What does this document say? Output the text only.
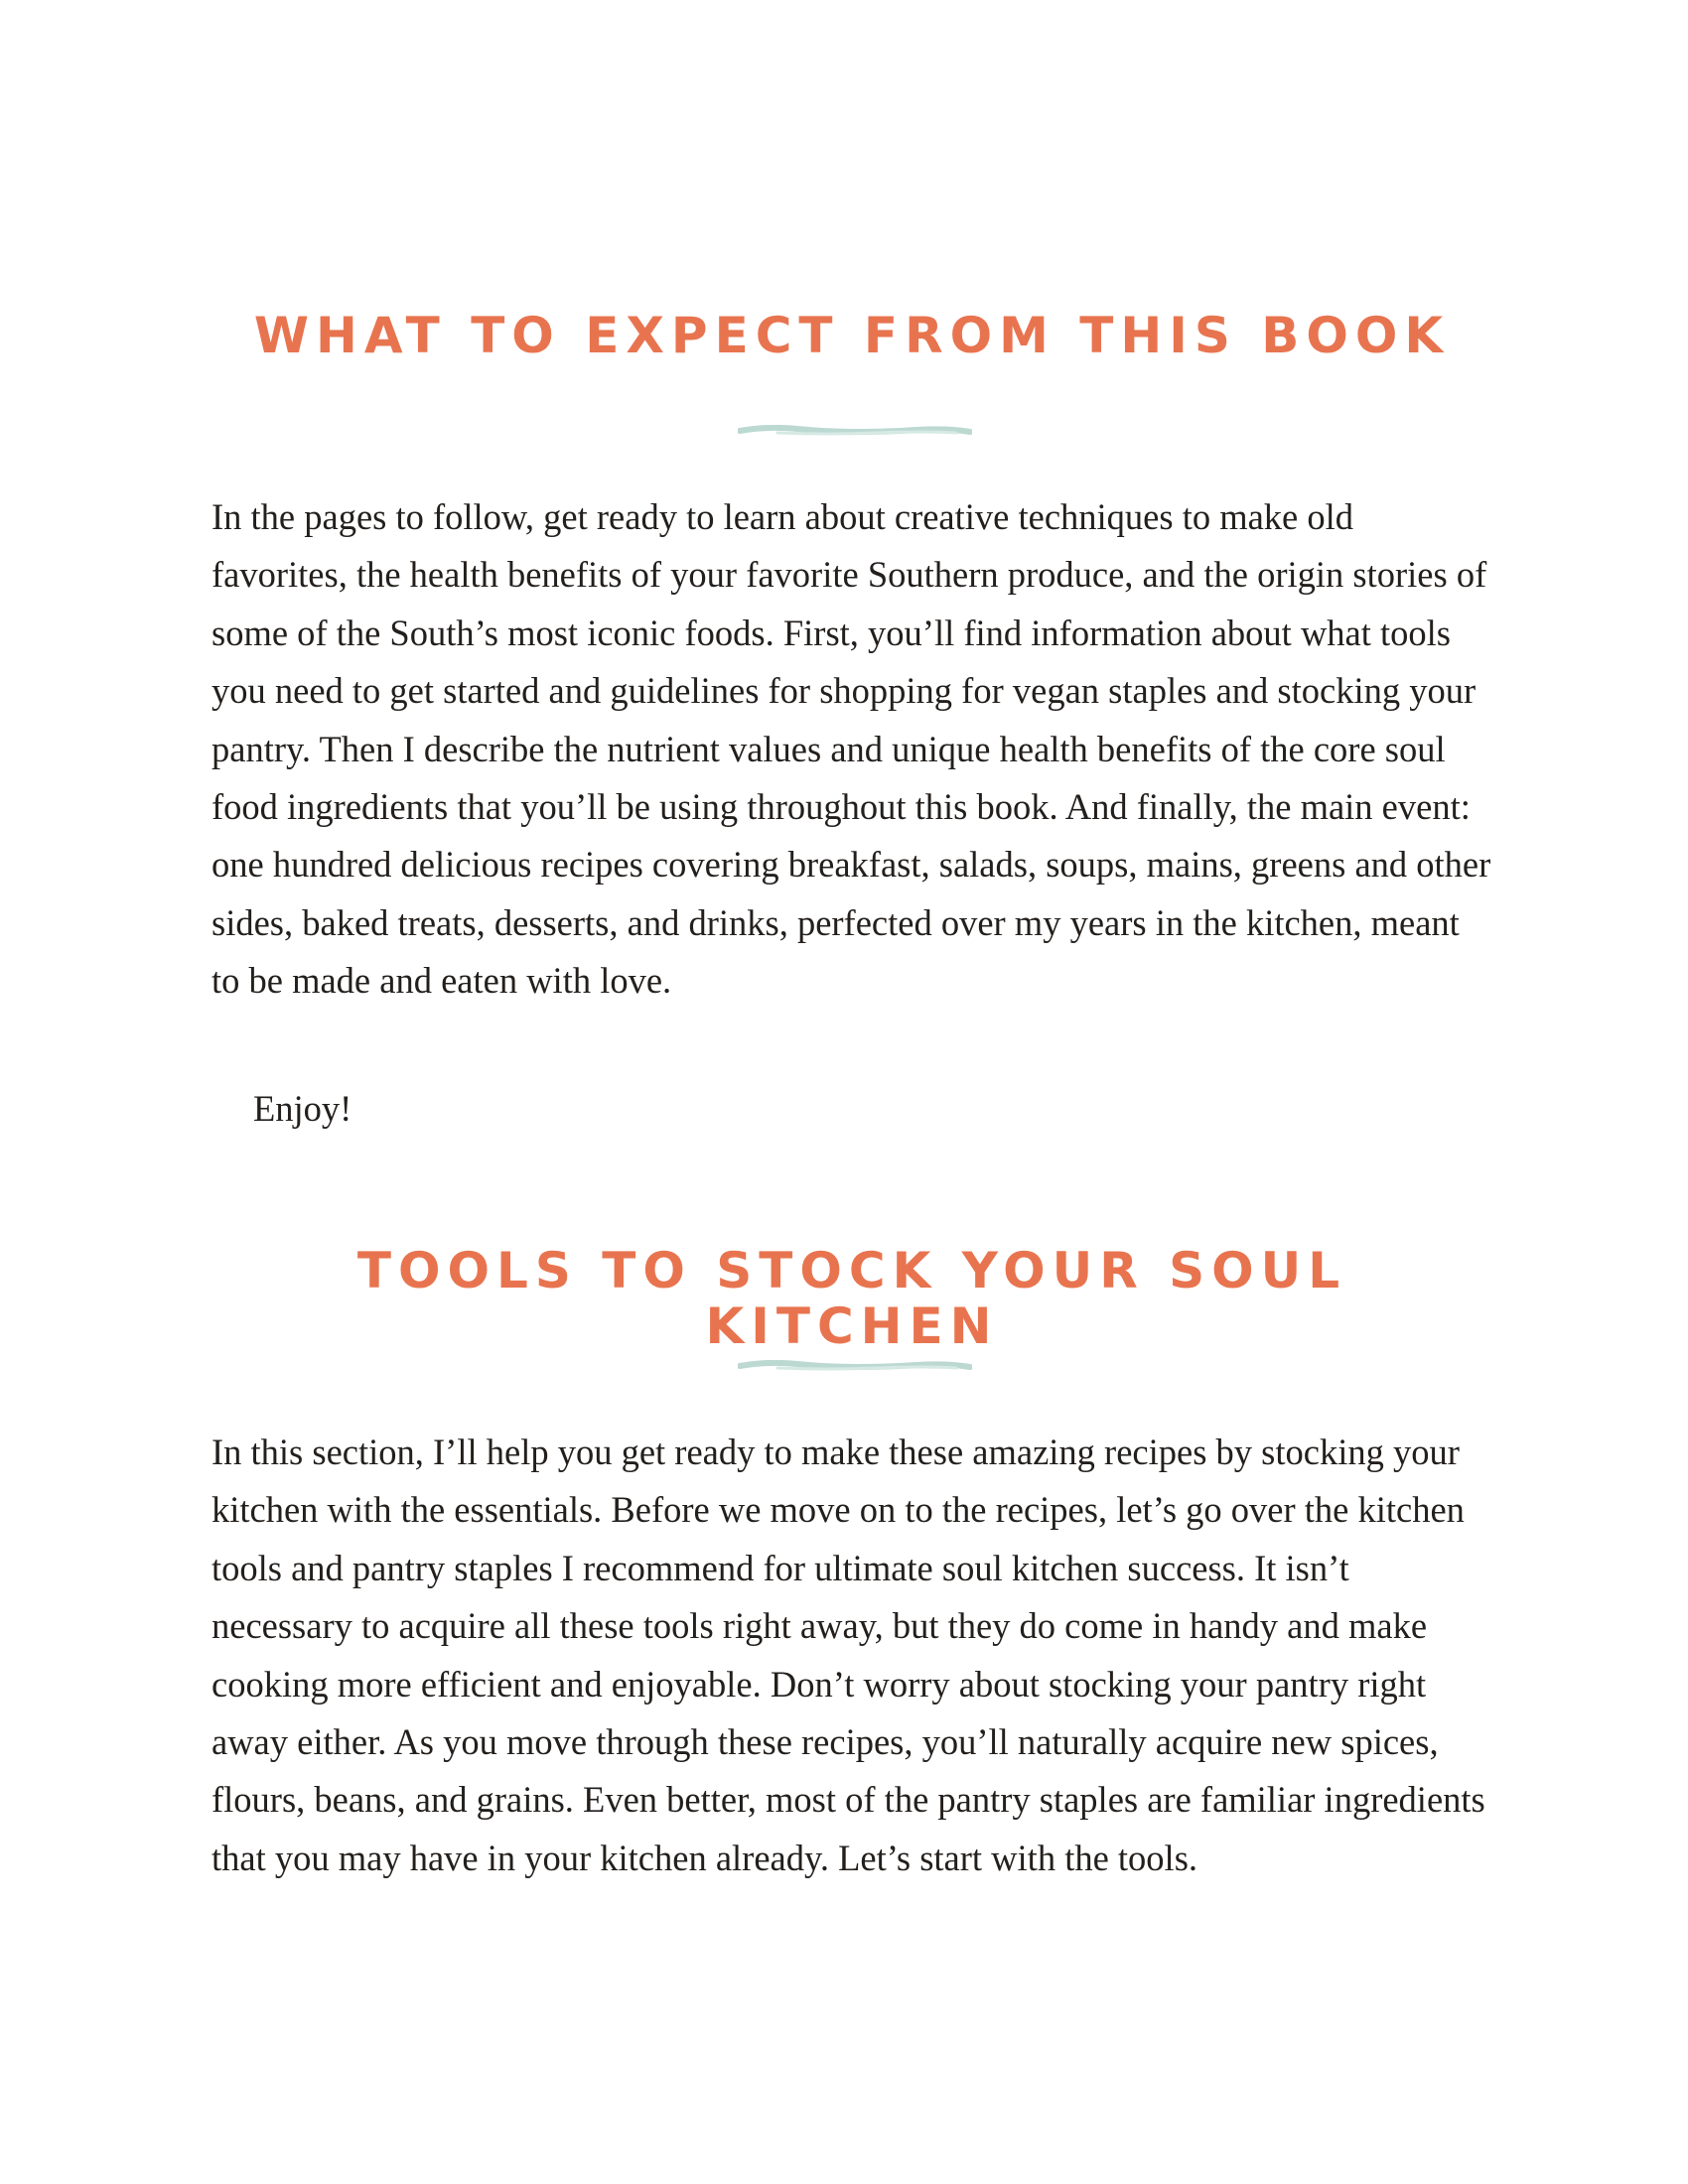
WHAT TO EXPECT FROM THIS BOOK

In the pages to follow, get ready to learn about creative techniques to make old favorites, the health benefits of your favorite Southern produce, and the origin stories of some of the South’s most iconic foods. First, you’ll find information about what tools you need to get started and guidelines for shopping for vegan staples and stocking your pantry. Then I describe the nutrient values and unique health benefits of the core soul food ingredients that you’ll be using throughout this book. And finally, the main event: one hundred delicious recipes covering breakfast, salads, soups, mains, greens and other sides, baked treats, desserts, and drinks, perfected over my years in the kitchen, meant to be made and eaten with love.

Enjoy!

TOOLS TO STOCK YOUR SOUL KITCHEN

In this section, I’ll help you get ready to make these amazing recipes by stocking your kitchen with the essentials. Before we move on to the recipes, let’s go over the kitchen tools and pantry staples I recommend for ultimate soul kitchen success. It isn’t necessary to acquire all these tools right away, but they do come in handy and make cooking more efficient and enjoyable. Don’t worry about stocking your pantry right away either. As you move through these recipes, you’ll naturally acquire new spices, flours, beans, and grains. Even better, most of the pantry staples are familiar ingredients that you may have in your kitchen already. Let’s start with the tools.
